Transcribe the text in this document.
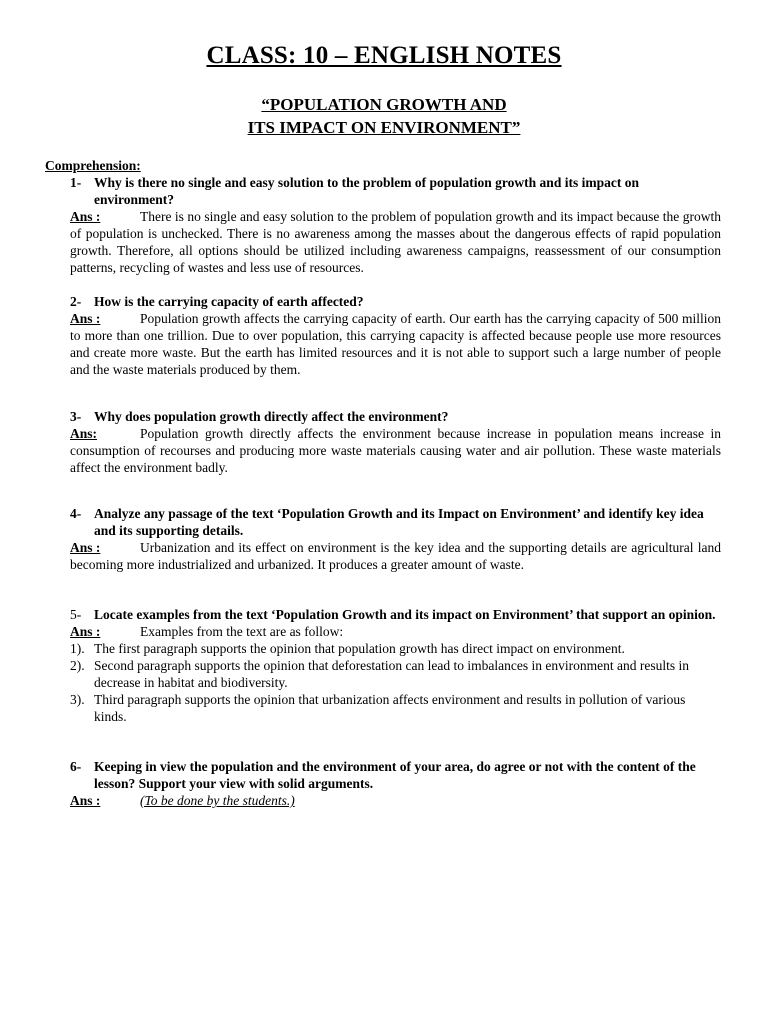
CLASS: 10 – ENGLISH NOTES
“POPULATION GROWTH AND
ITS IMPACT ON ENVIRONMENT”

Comprehension:

1- Why is there no single and easy solution to the problem of population growth and its impact on environment?

Ans :	There is no single and easy solution to the problem of population growth and its impact because the growth of population is unchecked. There is no awareness among the masses about the dangerous effects of rapid population growth. Therefore, all options should be utilized including awareness campaigns, reassessment of our consumption patterns, recycling of wastes and less use of resources.

2- How is the carrying capacity of earth affected?

Ans :	Population growth affects the carrying capacity of earth. Our earth has the carrying capacity of 500 million to more than one trillion. Due to over population, this carrying capacity is affected because people use more resources and create more waste. But the earth has limited resources and it is not able to support such a large number of people and the waste materials produced by them.

3- Why does population growth directly affect the environment?

Ans:	Population growth directly affects the environment because increase in population means increase in consumption of recourses and producing more waste materials causing water and air pollution. These waste materials affect the environment badly.

4- Analyze any passage of the text ‘Population Growth and its Impact on Environment’ and identify key idea and its supporting details.

Ans :	Urbanization and its effect on environment is the key idea and the supporting details are agricultural land becoming more industrialized and urbanized. It produces a greater amount of waste.

5- Locate examples from the text ‘Population Growth and its impact on Environment’ that support an opinion.

Ans :	Examples from the text are as follow:

1). The first paragraph supports the opinion that population growth has direct impact on environment.
2). Second paragraph supports the opinion that deforestation can lead to imbalances in environment and results in decrease in habitat and biodiversity.
3). Third paragraph supports the opinion that urbanization affects environment and results in pollution of various kinds.
6- Keeping in view the population and the environment of your area, do agree or not with the content of the lesson? Support your view with solid arguments.

Ans :	(To be done by the students.)
